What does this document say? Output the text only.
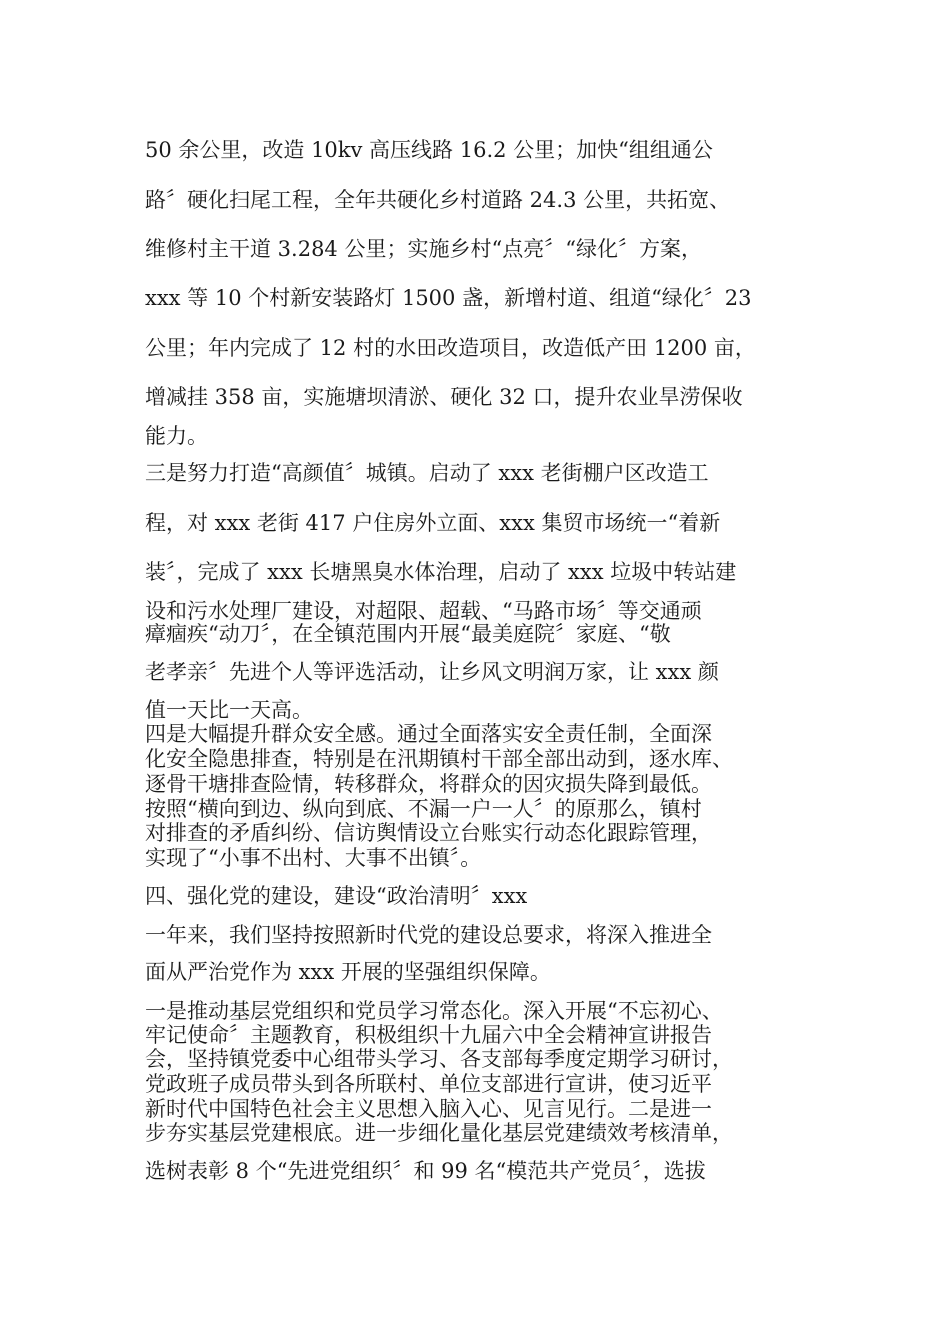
50 余公里，改造 10kv 高压线路 16.2 公里；加快“组组通公

路〞硬化扫尾工程，全年共硬化乡村道路 24.3 公里，共拓宽、

维修村主干道 3.284 公里；实施乡村“点亮〞“绿化〞方案，

xxx 等 10 个村新安装路灯 1500 盏，新增村道、组道“绿化〞23

公里；年内完成了 12 村的水田改造项目，改造低产田 1200 亩，

增减挂 358 亩，实施塘坝清淤、硬化 32 口，提升农业旱涝保收

能力。

三是努力打造“高颜值〞城镇。启动了 xxx 老街棚户区改造工

程，对 xxx 老街 417 户住房外立面、xxx 集贸市场统一“着新

装〞，完成了 xxx 长塘黑臭水体治理，启动了 xxx 垃圾中转站建

设和污水处理厂建设，对超限、超载、“马路市场〞等交通顽

瘴痼疾“动刀〞，在全镇范围内开展“最美庭院〞家庭、“敬

老孝亲〞先进个人等评选活动，让乡风文明润万家，让 xxx 颜

值一天比一天高。

四是大幅提升群众安全感。通过全面落实安全责任制，全面深

化安全隐患排查，特别是在汛期镇村干部全部出动到，逐水库、

逐骨干塘排查险情，转移群众，将群众的因灾损失降到最低。

按照“横向到边、纵向到底、不漏一户一人〞的原那么，镇村

对排查的矛盾纠纷、信访舆情设立台账实行动态化跟踪管理，

实现了“小事不出村、大事不出镇〞。

四、强化党的建设，建设“政治清明〞xxx

一年来，我们坚持按照新时代党的建设总要求，将深入推进全

面从严治党作为 xxx 开展的坚强组织保障。

一是推动基层党组织和党员学习常态化。深入开展“不忘初心、

牢记使命〞主题教育，积极组织十九届六中全会精神宣讲报告

会，坚持镇党委中心组带头学习、各支部每季度定期学习研讨，

党政班子成员带头到各所联村、单位支部进行宣讲，使习近平

新时代中国特色社会主义思想入脑入心、见言见行。二是进一

步夯实基层党建根底。进一步细化量化基层党建绩效考核清单，

选树表彰 8 个“先进党组织〞和 99 名“模范共产党员〞，选拔
